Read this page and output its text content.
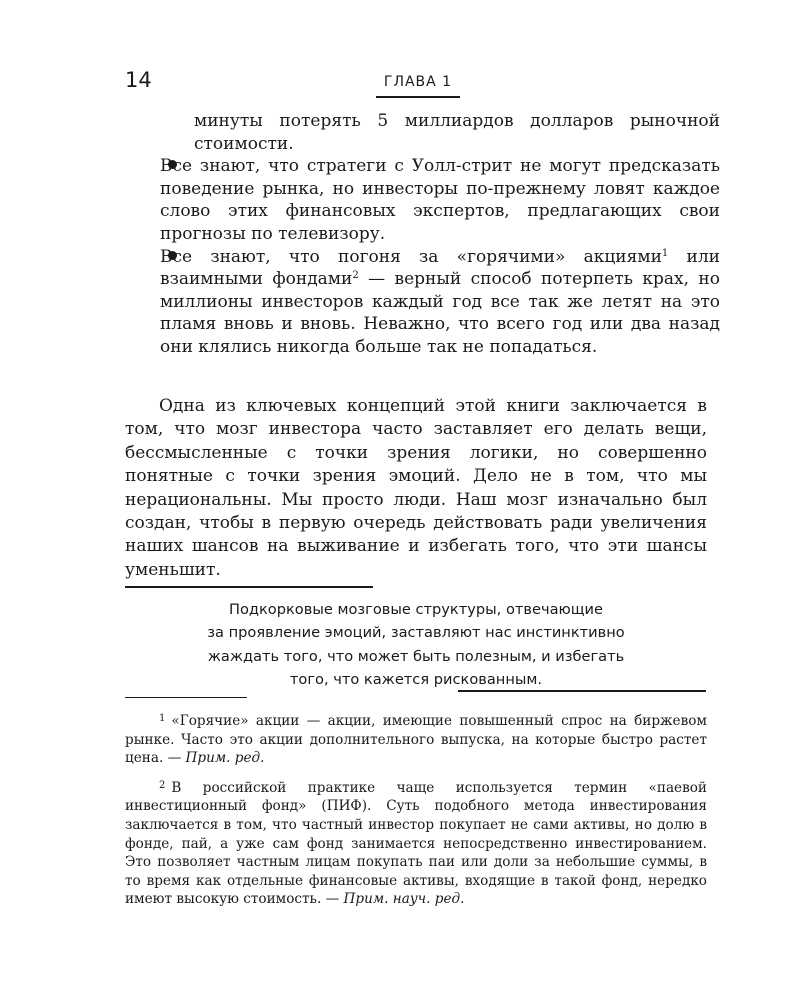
14	ГЛАВА 1

минуты потерять 5 миллиардов долларов рыночной стоимости.

Все знают, что стратеги с Уолл-стрит не могут предсказать поведение рынка, но инвесторы по-прежнему ловят каждое слово этих финансовых экспертов, предлагающих свои прогнозы по телевизору.

Все знают, что погоня за «горячими» акциями$^1$ или взаимными фондами$^2$ — верный способ потерпеть крах, но миллионы инвесторов каждый год все так же летят на это пламя вновь и вновь. Неважно, что всего год или два назад они клялись никогда больше так не попадаться.

Одна из ключевых концепций этой книги заключается в том, что мозг инвестора часто заставляет его делать вещи, бессмысленные с точки зрения логики, но совершенно понятные с точки зрения эмоций. Дело не в том, что мы нерациональны. Мы просто люди. Наш мозг изначально был создан, чтобы в первую очередь действовать ради увеличения наших шансов на выживание и избегать того, что эти шансы уменьшит.

Подкорковые мозговые структуры, отвечающие
за проявление эмоций, заставляют нас инстинктивно
жаждать того, что может быть полезным, и избегать
того, что кажется рискованным.

$^1$ «Горячие» акции — акции, имеющие повышенный спрос на биржевом рынке. Часто это акции дополнительного выпуска, на которые быстро растет цена. — Прим. ред.

$^2$ В российской практике чаще используется термин «паевой инвестиционный фонд» (ПИФ). Суть подобного метода инвестирования заключается в том, что частный инвестор покупает не сами активы, но долю в фонде, пай, а уже сам фонд занимается непосредственно инвестированием. Это позволяет частным лицам покупать паи или доли за небольшие суммы, в то время как отдельные финансовые активы, входящие в такой фонд, нередко имеют высокую стоимость. — Прим. науч. ред.
